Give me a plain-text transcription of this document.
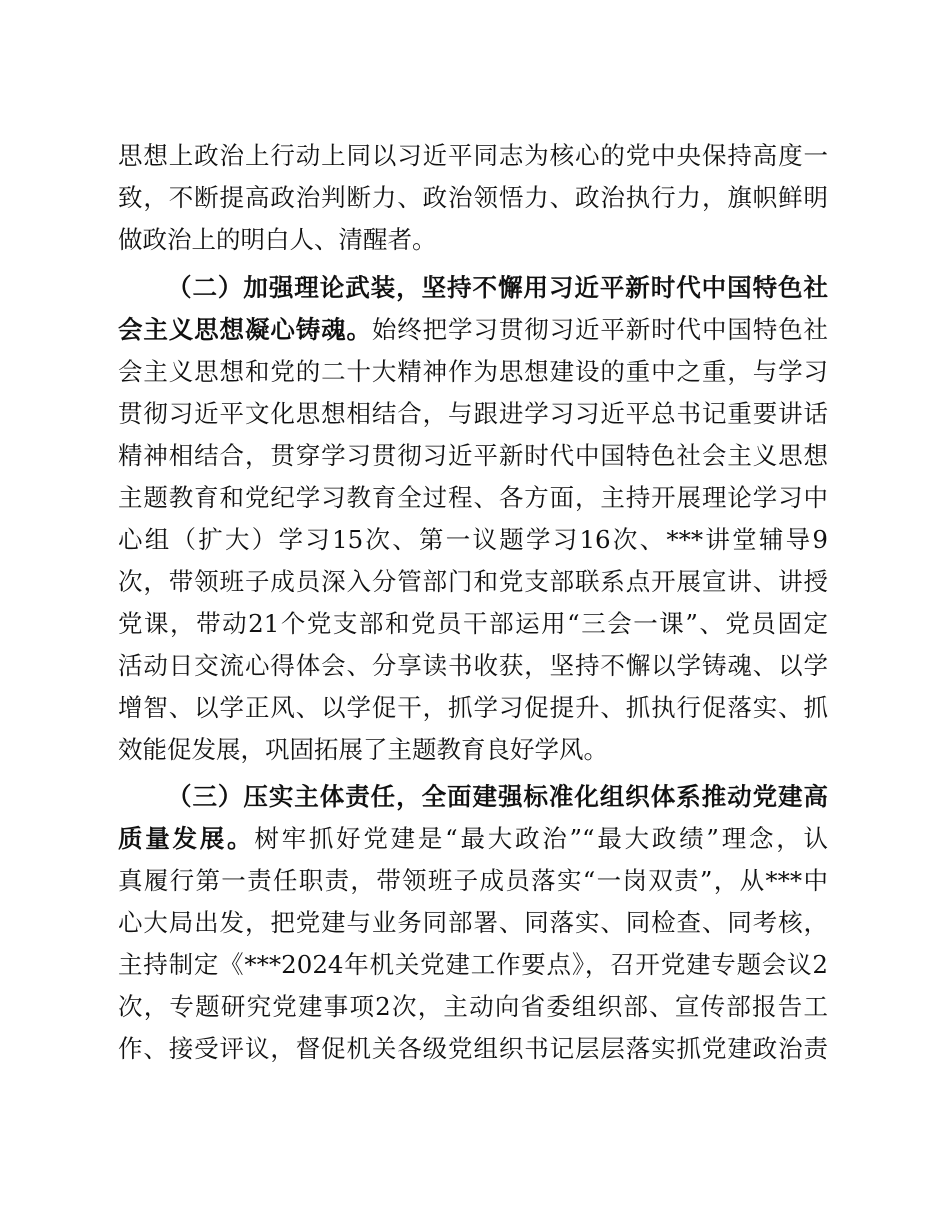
思想上政治上行动上同以习近平同志为核心的党中央保持高度一
致，不断提高政治判断力、政治领悟力、政治执行力，旗帜鲜明
做政治上的明白人、清醒者。
（二）加强理论武装，坚持不懈用习近平新时代中国特色社
会主义思想凝心铸魂。始终把学习贯彻习近平新时代中国特色社
会主义思想和党的二十大精神作为思想建设的重中之重，与学习
贯彻习近平文化思想相结合，与跟进学习习近平总书记重要讲话
精神相结合，贯穿学习贯彻习近平新时代中国特色社会主义思想
主题教育和党纪学习教育全过程、各方面，主持开展理论学习中
心组（扩大）学习15次、第一议题学习16次、***讲堂辅导9
次，带领班子成员深入分管部门和党支部联系点开展宣讲、讲授
党课，带动21个党支部和党员干部运用“三会一课”、党员固定
活动日交流心得体会、分享读书收获，坚持不懈以学铸魂、以学
增智、以学正风、以学促干，抓学习促提升、抓执行促落实、抓
效能促发展，巩固拓展了主题教育良好学风。
（三）压实主体责任，全面建强标准化组织体系推动党建高
质量发展。树牢抓好党建是“最大政治”“最大政绩”理念，认
真履行第一责任职责，带领班子成员落实“一岗双责”，从***中
心大局出发，把党建与业务同部署、同落实、同检查、同考核，
主持制定《***2024年机关党建工作要点》，召开党建专题会议2
次，专题研究党建事项2次，主动向省委组织部、宣传部报告工
作、接受评议，督促机关各级党组织书记层层落实抓党建政治责
